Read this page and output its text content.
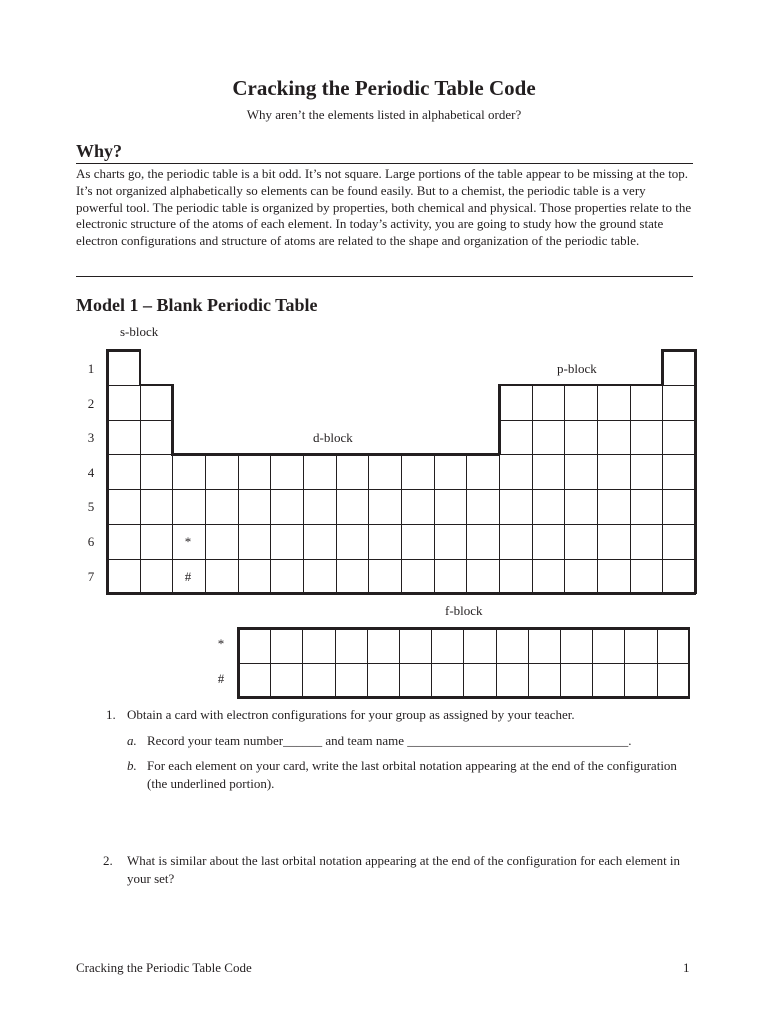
Cracking the Periodic Table Code
Why aren’t the elements listed in alphabetical order?
Why?

As charts go, the periodic table is a bit odd. It’s not square. Large portions of the table appear to be missing at the top. It’s not organized alphabetically so elements can be found easily. But to a chemist, the periodic table is a very powerful tool. The periodic table is organized by properties, both chemical and physical. Those properties relate to the electronic structure of the atoms of each element. In today’s activity, you are going to study how the ground state electron configurations and structure of atoms are related to the shape and organization of the periodic table.

Model 1 – Blank Periodic Table
s-block
p-block
d-block
f-block
1
2
3
4
5
6
7
*
#
*
#
1. Obtain a card with electron configurations for your group as assigned by your teacher.
a. Record your team number______ and team name __________________________________.
b. For each element on your card, write the last orbital notation appearing at the end of the configuration (the underlined portion).
2. What is similar about the last orbital notation appearing at the end of the configuration for each element in your set?
Cracking the Periodic Table Code	1
